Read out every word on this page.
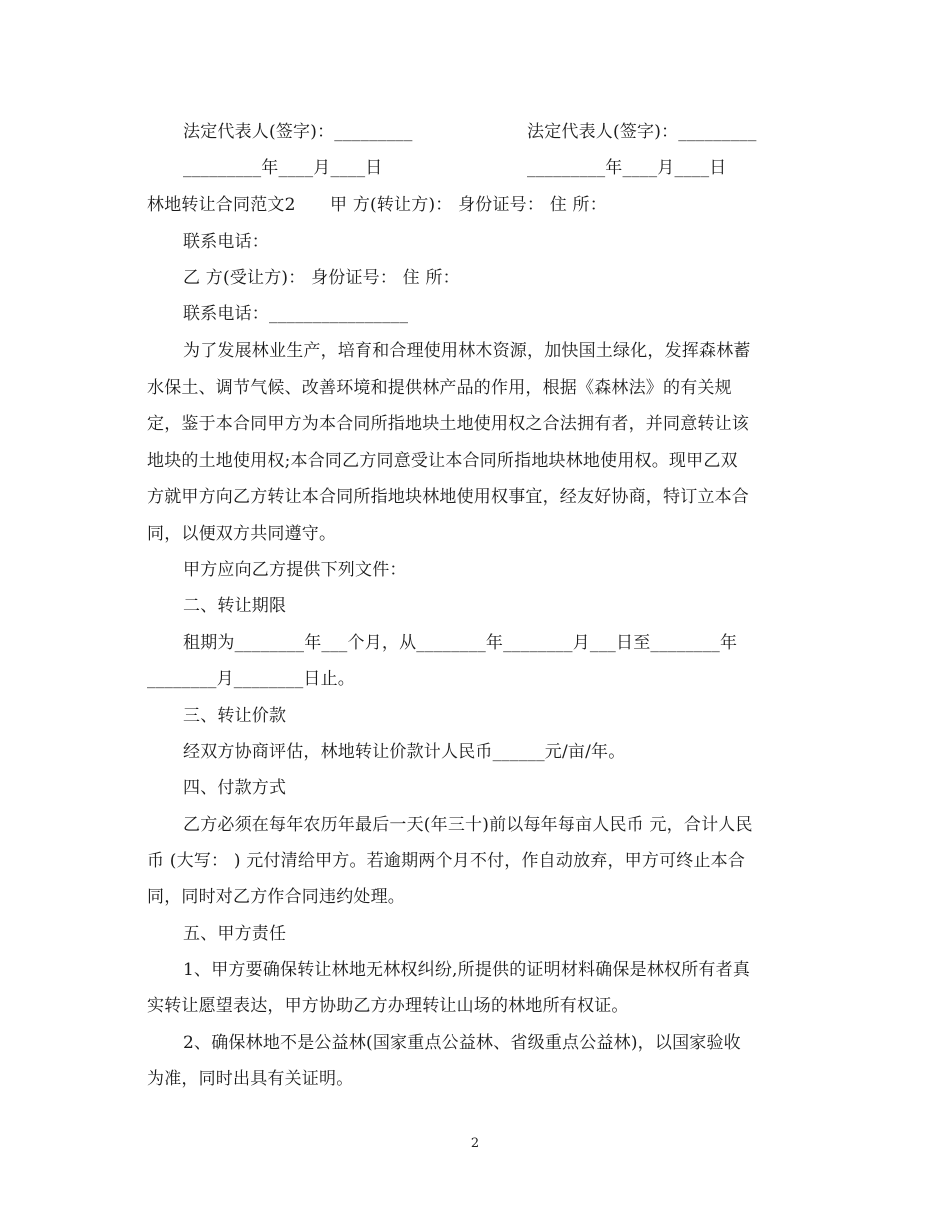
法定代表人(签字)：_________	法定代表人(签字)：_________
_________年____月____日	_________年____月____日
林地转让合同范文2　　甲 方(转让方)： 身份证号： 住 所：
联系电话：
乙 方(受让方)： 身份证号： 住 所：
联系电话：________________
为了发展林业生产，培育和合理使用林木资源，加快国土绿化，发挥森林蓄
水保土、调节气候、改善环境和提供林产品的作用，根据《森林法》的有关规
定，鉴于本合同甲方为本合同所指地块土地使用权之合法拥有者，并同意转让该
地块的土地使用权;本合同乙方同意受让本合同所指地块林地使用权。现甲乙双
方就甲方向乙方转让本合同所指地块林地使用权事宜，经友好协商，特订立本合
同，以便双方共同遵守。
甲方应向乙方提供下列文件：
二、转让期限
租期为________年___个月，从________年________月___日至________年
________月________日止。
三、转让价款
经双方协商评估，林地转让价款计人民币______元/亩/年。
四、付款方式
乙方必须在每年农历年最后一天(年三十)前以每年每亩人民币 元，合计人民
币 (大写： ) 元付清给甲方。若逾期两个月不付，作自动放弃，甲方可终止本合
同，同时对乙方作合同违约处理。
五、甲方责任
1、甲方要确保转让林地无林权纠纷,所提供的证明材料确保是林权所有者真
实转让愿望表达，甲方协助乙方办理转让山场的林地所有权证。
2、确保林地不是公益林(国家重点公益林、省级重点公益林)，以国家验收
为准，同时出具有关证明。
2
